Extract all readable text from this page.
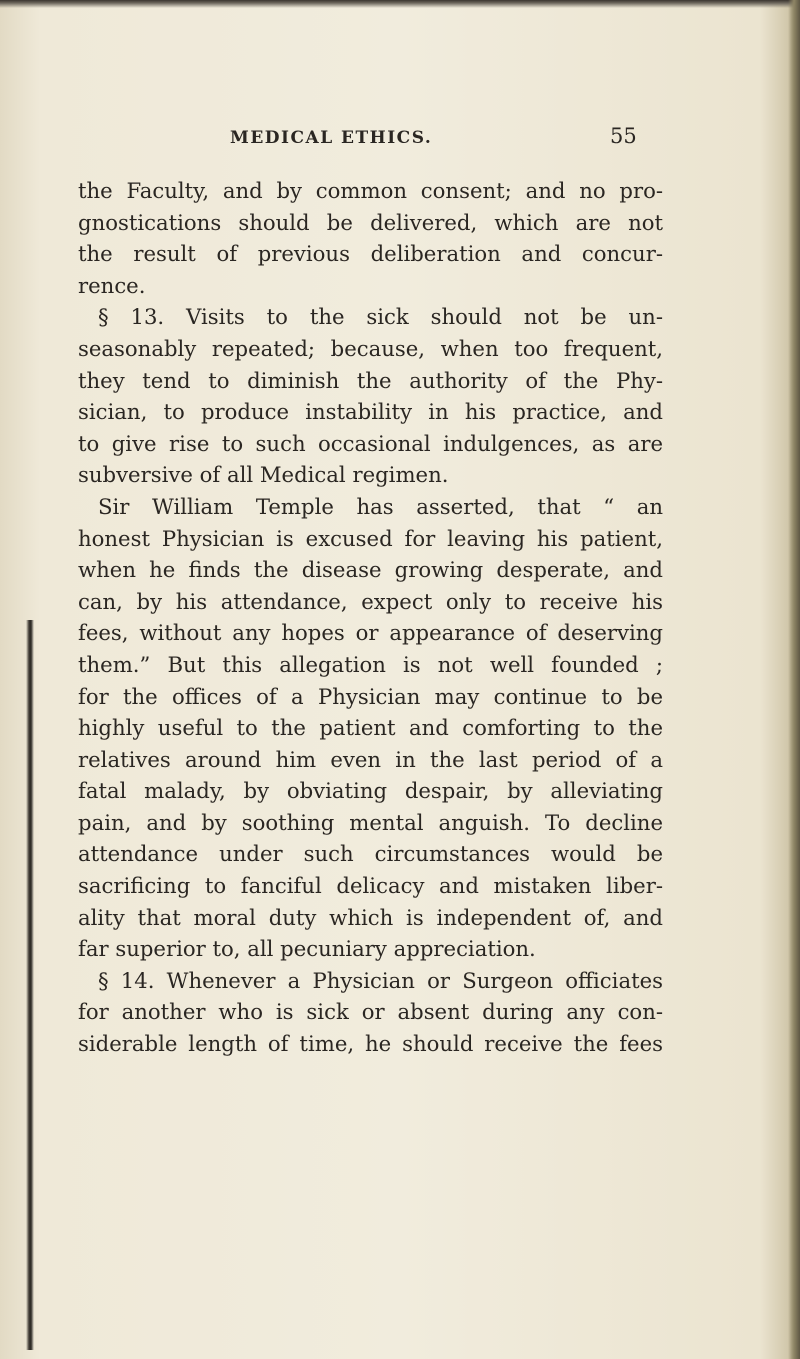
MEDICAL ETHICS.	55
the Faculty, and by common consent; and no pro-
gnostications should be delivered, which are not
the result of previous deliberation and concur-
rence.
§ 13. Visits to the sick should not be un-
seasonably repeated; because, when too frequent,
they tend to diminish the authority of the Phy-
sician, to produce instability in his practice, and
to give rise to such occasional indulgences, as are
subversive of all Medical regimen.
Sir William Temple has asserted, that “ an
honest Physician is excused for leaving his patient,
when he finds the disease growing desperate, and
can, by his attendance, expect only to receive his
fees, without any hopes or appearance of deserving
them.” But this allegation is not well founded ;
for the offices of a Physician may continue to be
highly useful to the patient and comforting to the
relatives around him even in the last period of a
fatal malady, by obviating despair, by alleviating
pain, and by soothing mental anguish. To decline
attendance under such circumstances would be
sacrificing to fanciful delicacy and mistaken liber-
ality that moral duty which is independent of, and
far superior to, all pecuniary appreciation.
§ 14. Whenever a Physician or Surgeon officiates
for another who is sick or absent during any con-
siderable length of time, he should receive the fees
